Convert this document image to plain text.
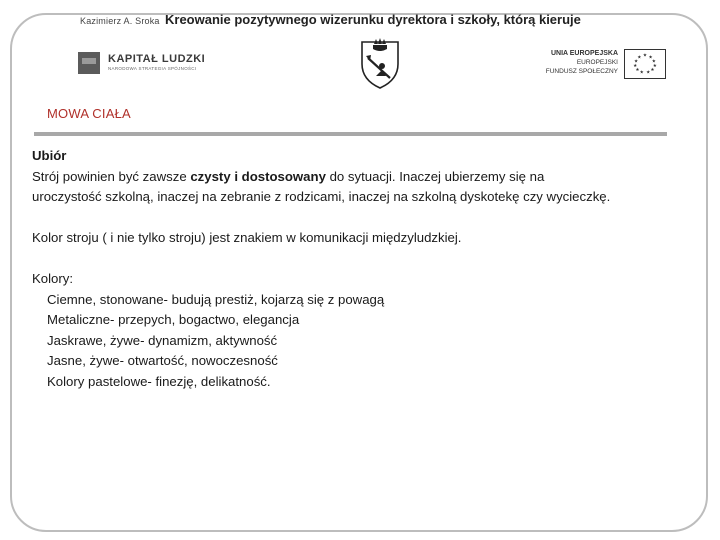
Kazimierz A. Sroka Kreowanie pozytywnego wizerunku dyrektora i szkoły, którą kieruje
KAPITAŁ LUDZKI
NARODOWA STRATEGIA SPÓJNOŚCI
UNIA EUROPEJSKA
EUROPEJSKI
FUNDUSZ SPOŁECZNY
★ ★
★
★
★
★
★
★
★
★
★
MOWA CIAŁA

Ubiór

Strój powinien być zawsze czysty i dostosowany do sytuacji. Inaczej ubierzemy się na

uroczystość szkolną, inaczej na zebranie z rodzicami, inaczej na szkolną dyskotekę czy wycieczkę.

Kolor stroju ( i nie tylko stroju) jest znakiem w komunikacji międzyludzkiej.

Kolory:

Ciemne, stonowane- budują prestiż, kojarzą się z powagą
Metaliczne- przepych, bogactwo, elegancja
Jaskrawe, żywe- dynamizm, aktywność
Jasne, żywe- otwartość, nowoczesność
Kolory pastelowe- finezję, delikatność.
